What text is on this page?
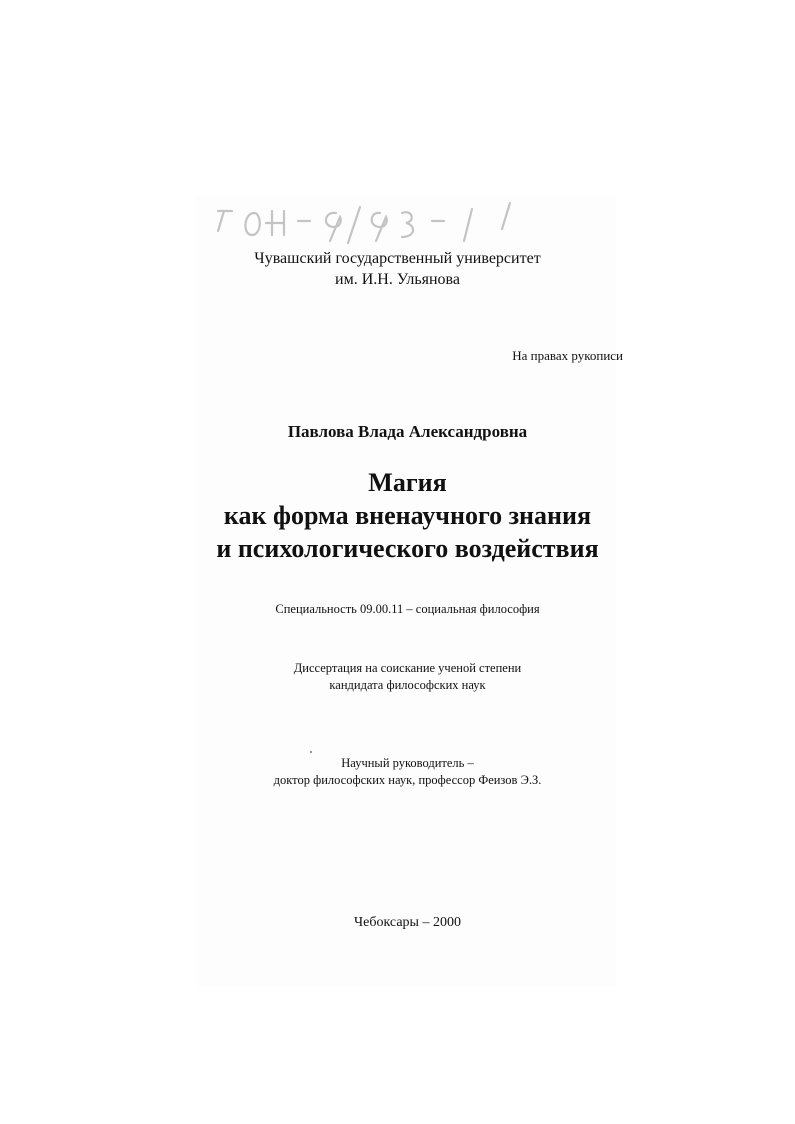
Чувашский государственный университет
им. И.Н. Ульянова
На правах рукописи
Павлова Влада Александровна
Магия
как форма вненаучного знания
и психологического воздействия
Специальность 09.00.11 – социальная философия
Диссертация на соискание ученой степени
кандидата философских наук
Научный руководитель –
доктор философских наук, профессор Феизов Э.З.
Чебоксары – 2000
